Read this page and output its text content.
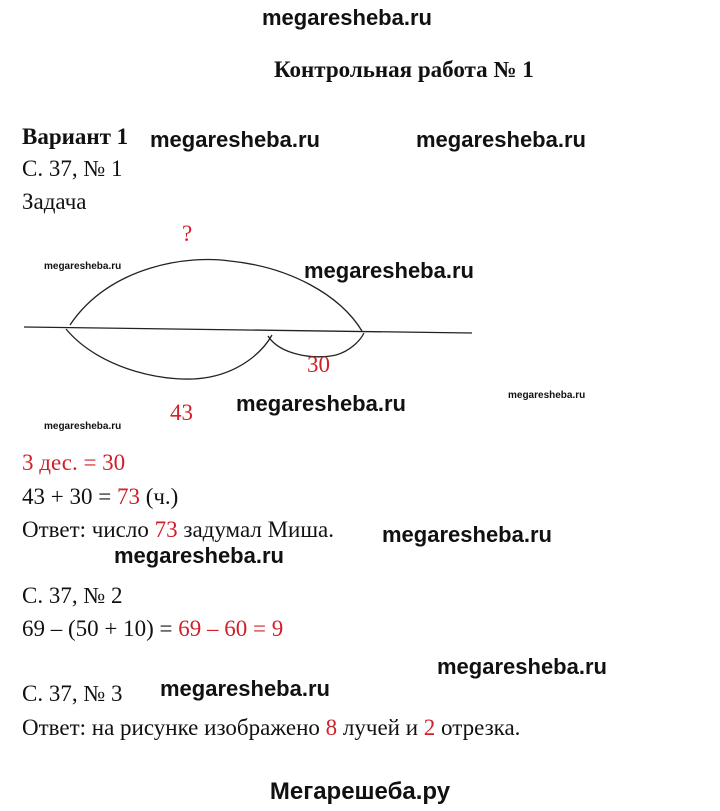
megaresheba.ru
Контрольная работа № 1
Вариант 1 megaresheba.ru	megaresheba.ru
С. 37, № 1
Задача
?
megaresheba.ru	megaresheba.ru
30
megaresheba.ru
43 megaresheba.ru
megaresheba.ru
3 дес. = 30
43 + 30 = 73 (ч.)
Ответ: число 73 задумал Миша. megaresheba.ru
megaresheba.ru
С. 37, № 2
69 – (50 + 10) = 69 – 60 = 9
megaresheba.ru
С. 37, № 3 megaresheba.ru
Ответ: на рисунке изображено 8 лучей и 2 отрезка.
Мегарешеба.ру
